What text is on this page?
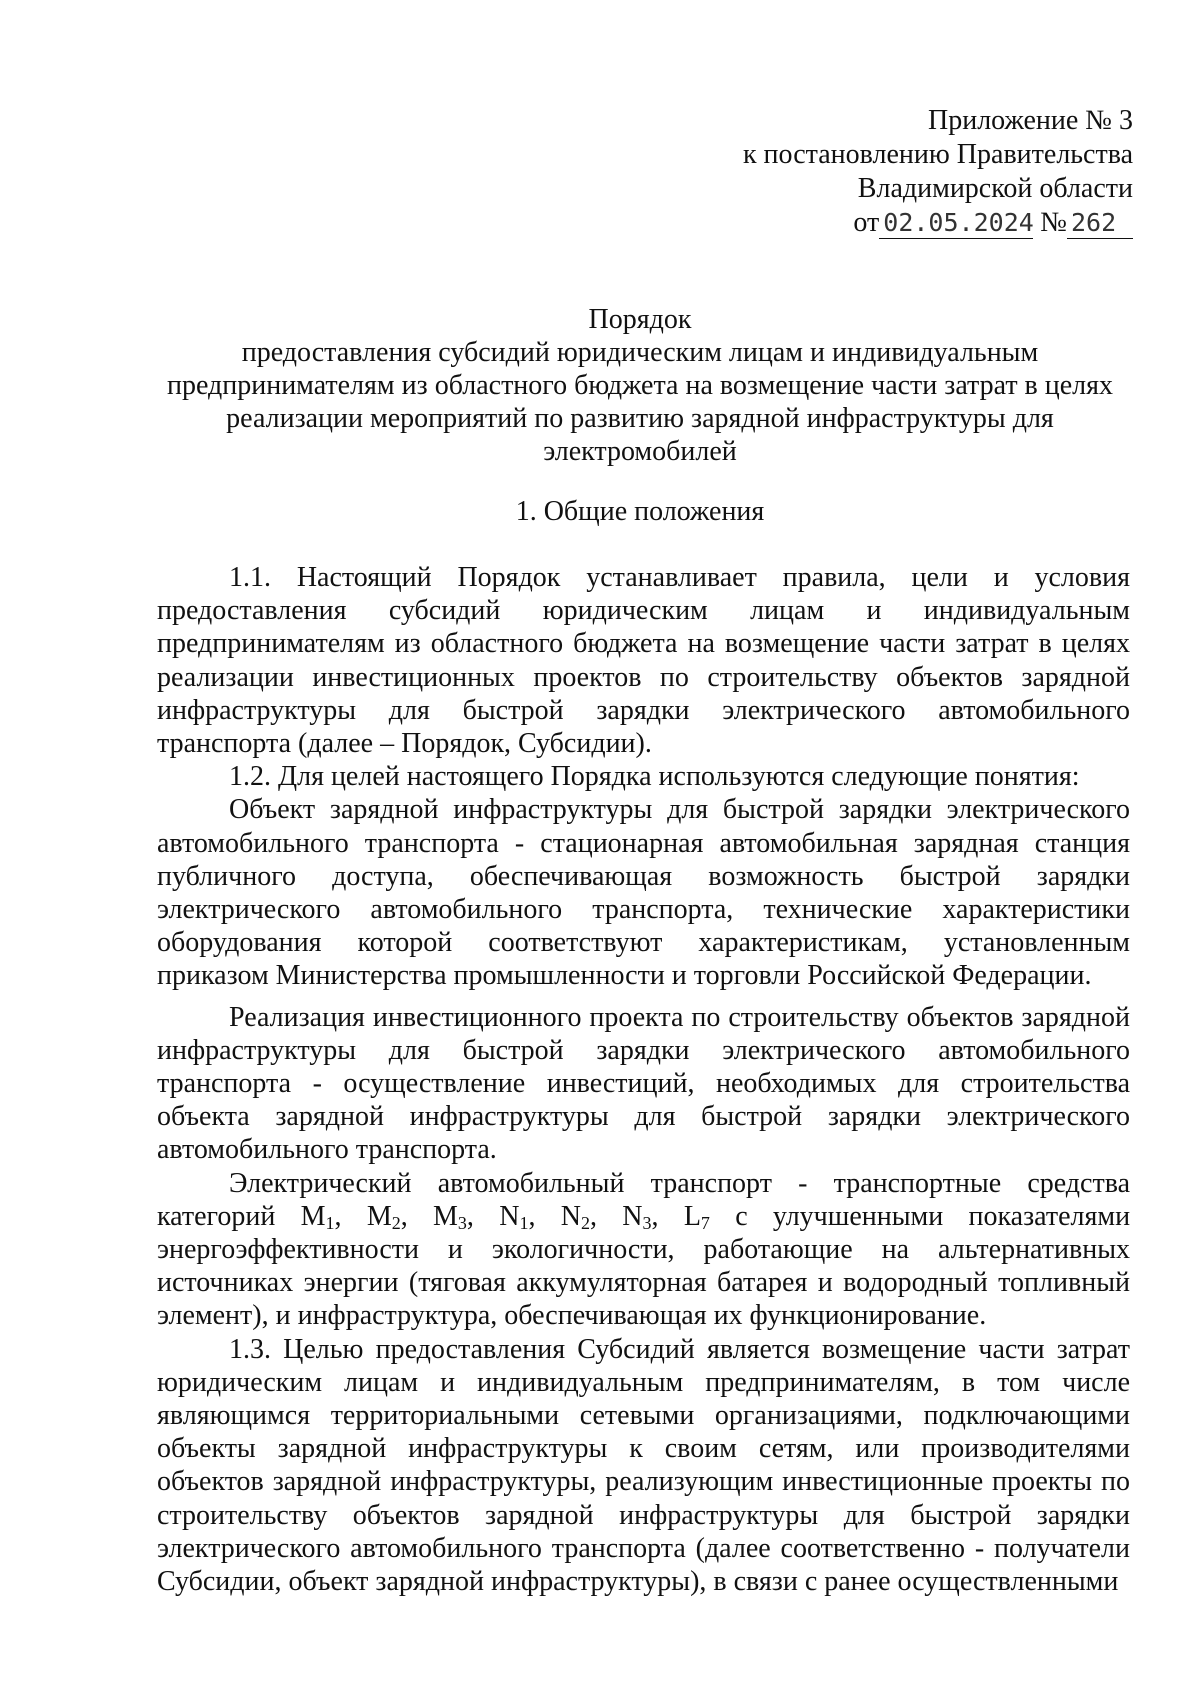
Приложение № 3
к постановлению Правительства
Владимирской области
от 02.05.2024 № 262
Порядок
предоставления субсидий юридическим лицам и индивидуальным
предпринимателям из областного бюджета на возмещение части затрат в целях
реализации мероприятий по развитию зарядной инфраструктуры для
электромобилей
1. Общие положения

1.1. Настоящий Порядок устанавливает правила, цели и условия предоставления субсидий юридическим лицам и индивидуальным предпринимателям из областного бюджета на возмещение части затрат в целях реализации инвестиционных проектов по строительству объектов зарядной инфраструктуры для быстрой зарядки электрического автомобильного транспорта (далее – Порядок, Субсидии).

1.2. Для целей настоящего Порядка используются следующие понятия:

Объект зарядной инфраструктуры для быстрой зарядки электрического автомобильного транспорта - стационарная автомобильная зарядная станция публичного доступа, обеспечивающая возможность быстрой зарядки электрического автомобильного транспорта, технические характеристики оборудования которой соответствуют характеристикам, установленным приказом Министерства промышленности и торговли Российской Федерации.

Реализация инвестиционного проекта по строительству объектов зарядной инфраструктуры для быстрой зарядки электрического автомобильного транспорта - осуществление инвестиций, необходимых для строительства объекта зарядной инфраструктуры для быстрой зарядки электрического автомобильного транспорта.

Электрический автомобильный транспорт - транспортные средства категорий $M_1$, $M_2$, $M_3$, $N_1$, $N_2$, $N_3$, $L_7$ с улучшенными показателями энергоэффективности и экологичности, работающие на альтернативных источниках энергии (тяговая аккумуляторная батарея и водородный топливный элемент), и инфраструктура, обеспечивающая их функционирование.

1.3. Целью предоставления Субсидий является возмещение части затрат юридическим лицам и индивидуальным предпринимателям, в том числе являющимся территориальными сетевыми организациями, подключающими объекты зарядной инфраструктуры к своим сетям, или производителями объектов зарядной инфраструктуры, реализующим инвестиционные проекты по строительству объектов зарядной инфраструктуры для быстрой зарядки электрического автомобильного транспорта (далее соответственно - получатели Субсидии, объект зарядной инфраструктуры), в связи с ранее осуществленными
